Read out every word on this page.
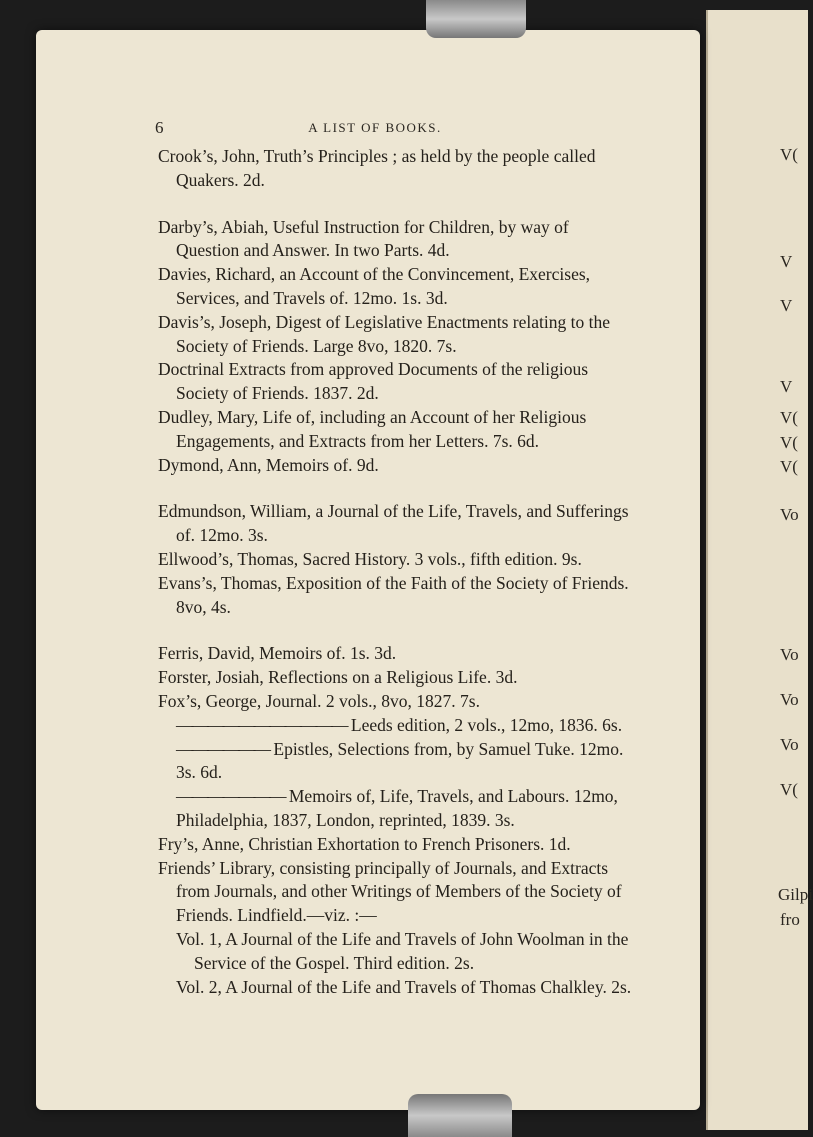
V(
V
V
V
V(
V(
V(
Vo
Vo
Vo
Vo
V(
Gilpi
fro
6	A LIST OF BOOKS.
Crook’s, John, Truth’s Principles ; as held by the people called Quakers. 2d.
Darby’s, Abiah, Useful Instruction for Children, by way of Question and Answer. In two Parts. 4d.
Davies, Richard, an Account of the Convincement, Exercises, Services, and Travels of. 12mo. 1s. 3d.
Davis’s, Joseph, Digest of Legislative Enactments relating to the Society of Friends. Large 8vo, 1820. 7s.
Doctrinal Extracts from approved Documents of the religious Society of Friends. 1837. 2d.
Dudley, Mary, Life of, including an Account of her Religious Engagements, and Extracts from her Letters. 7s. 6d.
Dymond, Ann, Memoirs of. 9d.
Edmundson, William, a Journal of the Life, Travels, and Sufferings of. 12mo. 3s.
Ellwood’s, Thomas, Sacred History. 3 vols., fifth edition. 9s.
Evans’s, Thomas, Exposition of the Faith of the Society of Friends. 8vo, 4s.
Ferris, David, Memoirs of. 1s. 3d.
Forster, Josiah, Reflections on a Religious Life. 3d.
Fox’s, George, Journal. 2 vols., 8vo, 1827. 7s.
——————————— Leeds edition, 2 vols., 12mo, 1836. 6s.
—————— Epistles, Selections from, by Samuel Tuke. 12mo. 3s. 6d.
——————— Memoirs of, Life, Travels, and Labours. 12mo, Philadelphia, 1837, London, reprinted, 1839. 3s.
Fry’s, Anne, Christian Exhortation to French Prisoners. 1d.
Friends’ Library, consisting principally of Journals, and Extracts from Journals, and other Writings of Members of the Society of Friends. Lindfield.—viz. :—
Vol. 1, A Journal of the Life and Travels of John Woolman in the Service of the Gospel. Third edition. 2s.
Vol. 2, A Journal of the Life and Travels of Thomas Chalkley. 2s.
